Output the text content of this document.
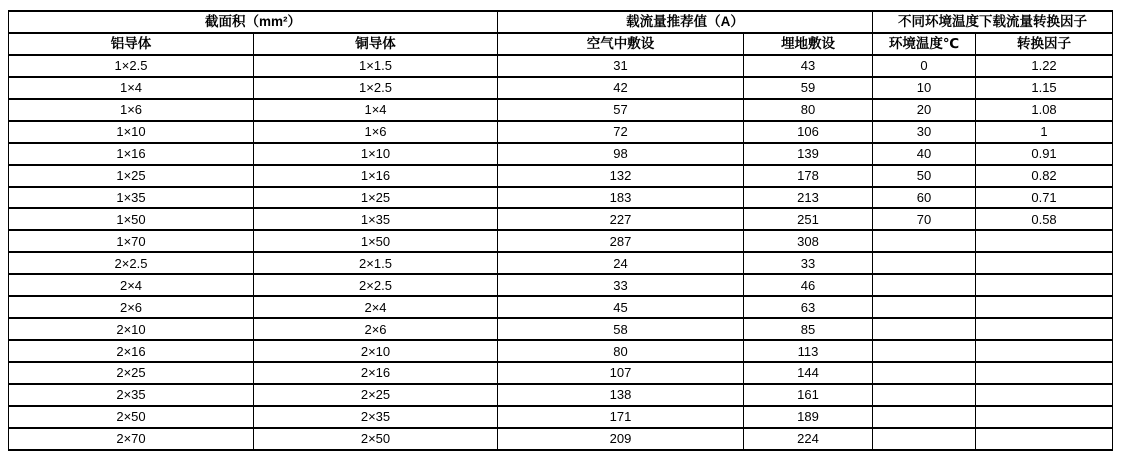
截面积（mm²）		载流量推荐值（A）		不同环境温度下载流量转换因子	
铝导体	铜导体	空气中敷设	埋地敷设	环境温度℃	转换因子
1×2.5	1×1.5	31	43	0	1.22
1×4	1×2.5	42	59	10	1.15
1×6	1×4	57	80	20	1.08
1×10	1×6	72	106	30	1
1×16	1×10	98	139	40	0.91
1×25	1×16	132	178	50	0.82
1×35	1×25	183	213	60	0.71
1×50	1×35	227	251	70	0.58
1×70	1×50	287	308		
2×2.5	2×1.5	24	33		
2×4	2×2.5	33	46		
2×6	2×4	45	63		
2×10	2×6	58	85		
2×16	2×10	80	113		
2×25	2×16	107	144		
2×35	2×25	138	161		
2×50	2×35	171	189		
2×70	2×50	209	224		
